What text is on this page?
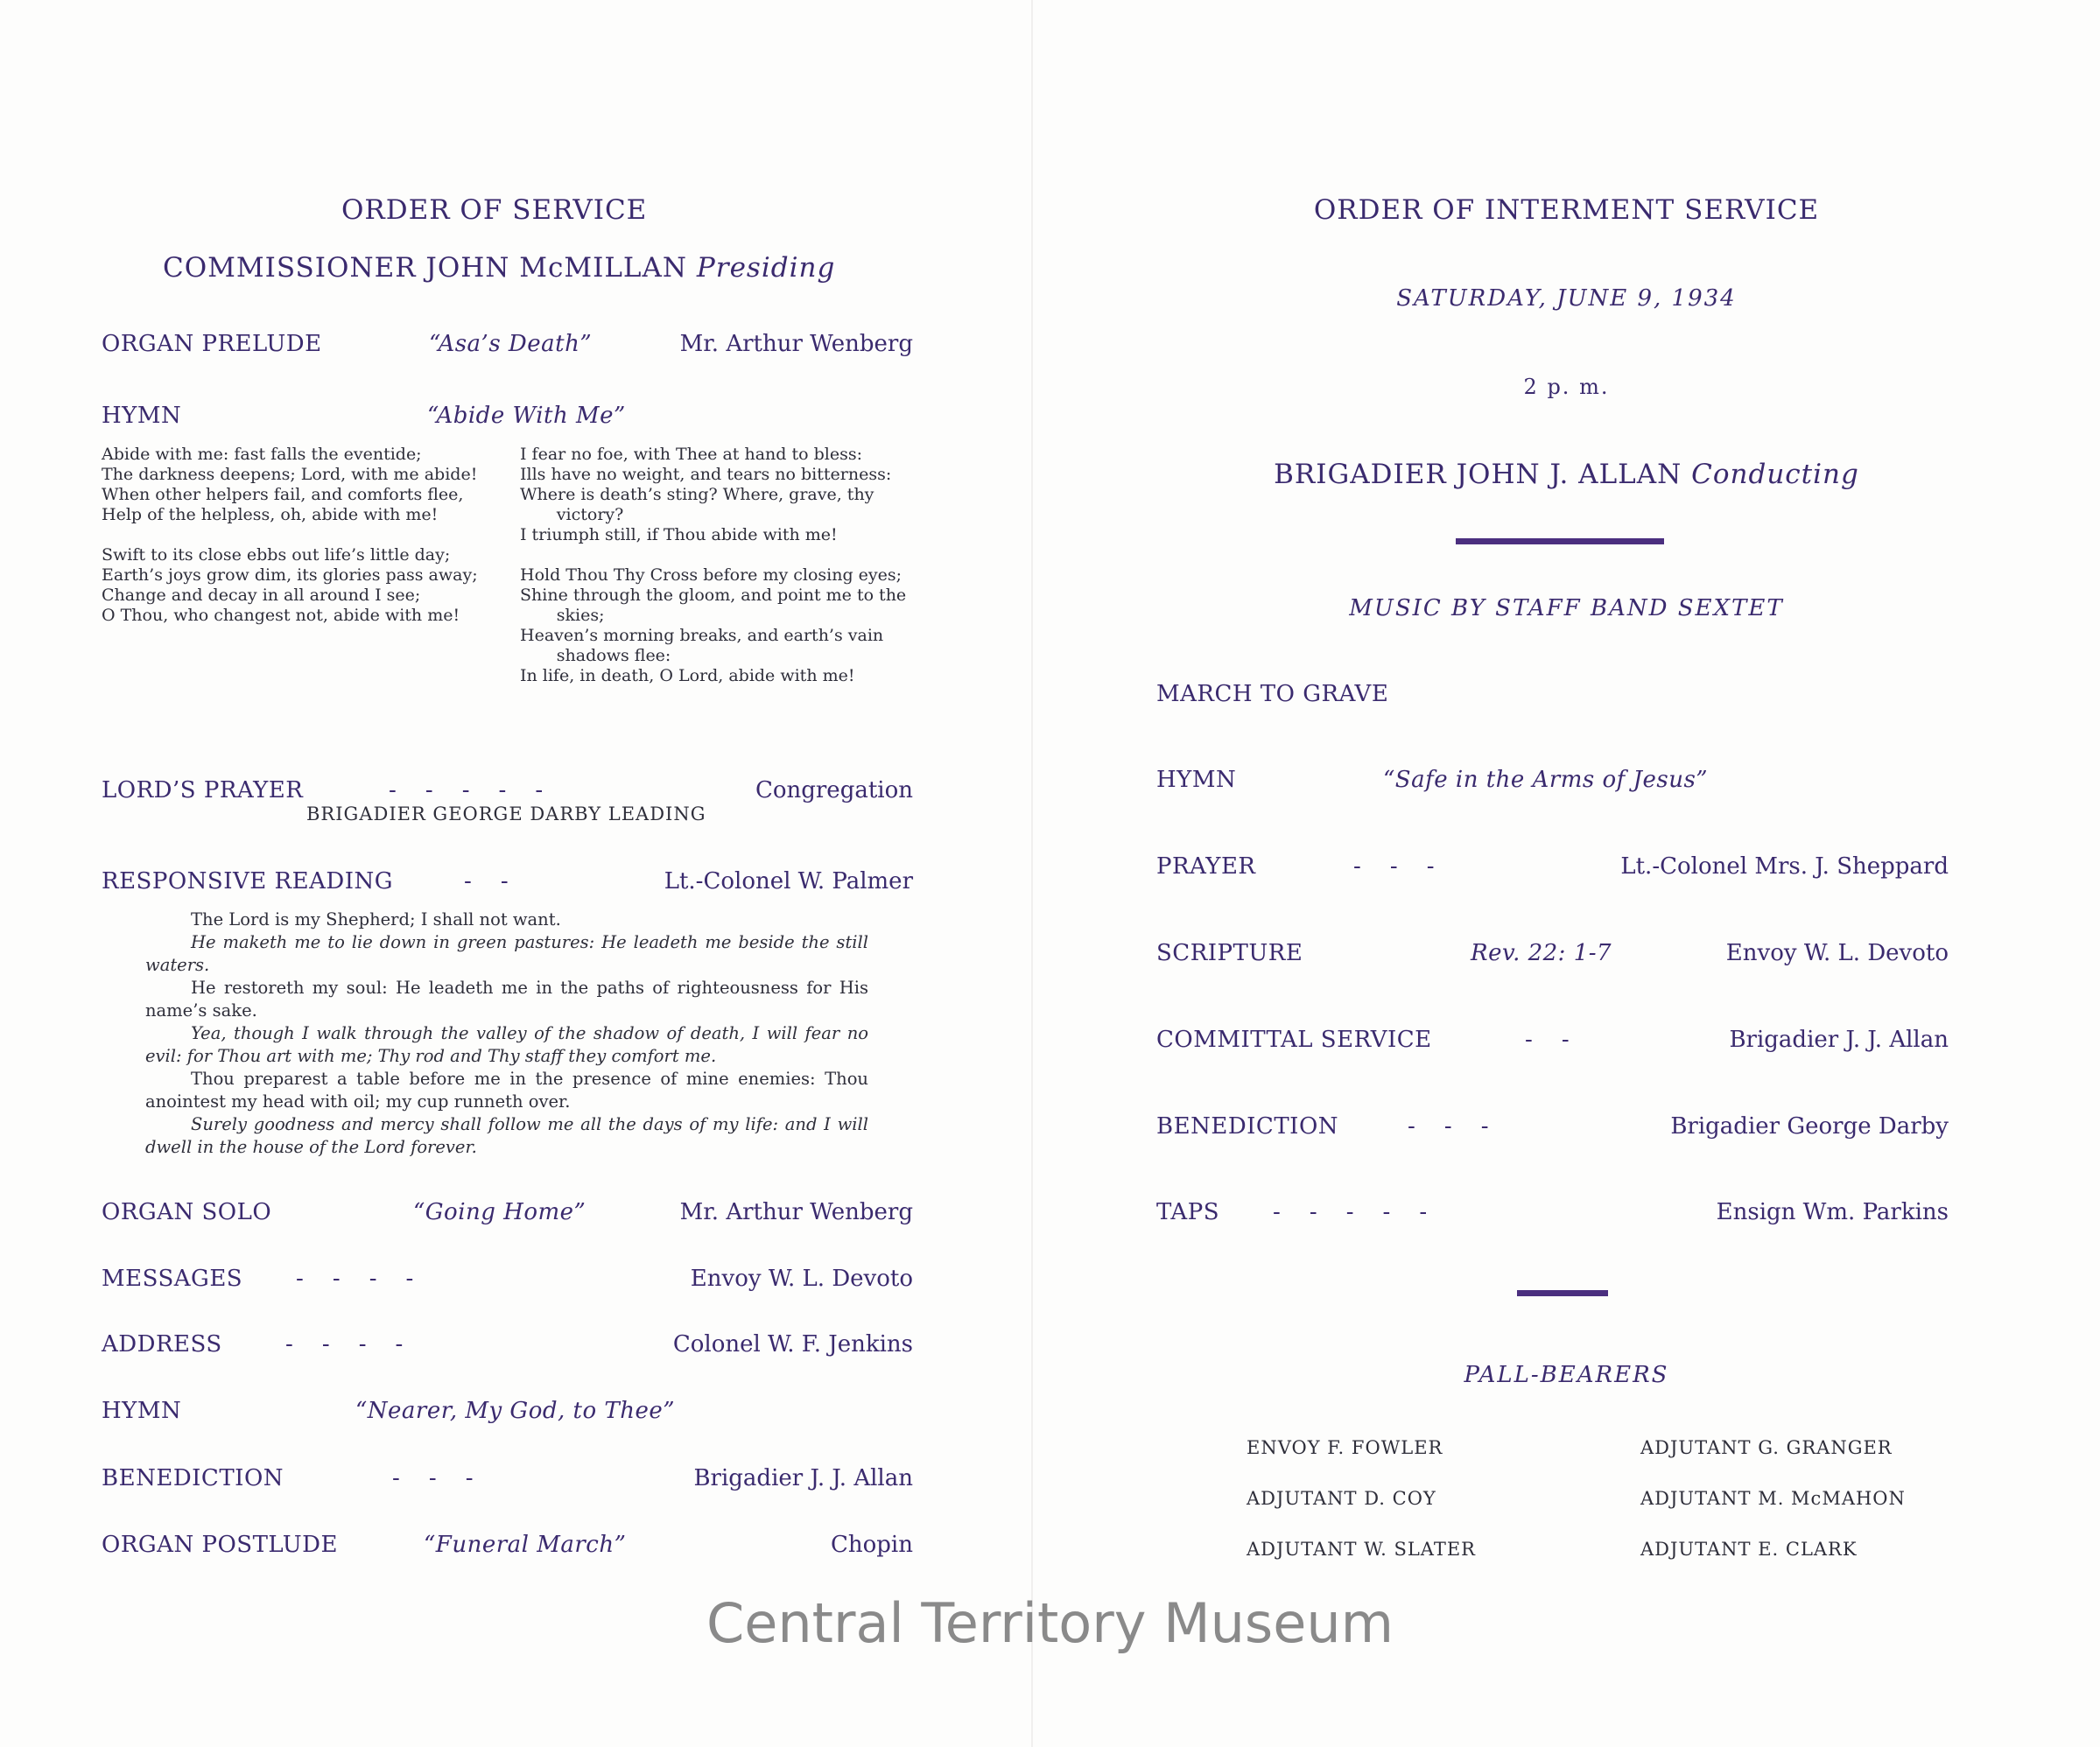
ORDER OF SERVICE
COMMISSIONER JOHN McMILLAN Presiding
ORGAN PRELUDE	“Asa’s Death”	Mr. Arthur Wenberg
HYMN	“Abide With Me”

Abide with me: fast falls the eventide;

The darkness deepens; Lord, with me abide!

When other helpers fail, and comforts flee,

Help of the helpless, oh, abide with me!

Swift to its close ebbs out life’s little day;

Earth’s joys grow dim, its glories pass away;

Change and decay in all around I see;

O Thou, who changest not, abide with me!

I fear no foe, with Thee at hand to bless:

Ills have no weight, and tears no bitterness:

Where is death’s sting? Where, grave, thy victory?

I triumph still, if Thou abide with me!

Hold Thou Thy Cross before my closing eyes;

Shine through the gloom, and point me to the skies;

Heaven’s morning breaks, and earth’s vain shadows flee:

In life, in death, O Lord, abide with me!

LORD’S PRAYER	-    -    -    -    -	Congregation
BRIGADIER GEORGE DARBY LEADING
RESPONSIVE READING	-    -	Lt.-Colonel W. Palmer

The Lord is my Shepherd; I shall not want.

He maketh me to lie down in green pastures: He leadeth me beside the still waters.

He restoreth my soul: He leadeth me in the paths of righteousness for His name’s sake.

Yea, though I walk through the valley of the shadow of death, I will fear no evil: for Thou art with me; Thy rod and Thy staff they comfort me.

Thou preparest a table before me in the presence of mine enemies: Thou anointest my head with oil; my cup runneth over.

Surely goodness and mercy shall follow me all the days of my life: and I will dwell in the house of the Lord forever.

ORGAN SOLO	“Going Home”	Mr. Arthur Wenberg
MESSAGES -    -    -    -	Envoy W. L. Devoto
ADDRESS	-    -    -    -	Colonel W. F. Jenkins
HYMN	“Nearer, My God, to Thee”
BENEDICTION	-    -    -	Brigadier J. J. Allan
ORGAN POSTLUDE	“Funeral March”	Chopin
ORDER OF INTERMENT SERVICE
SATURDAY, JUNE 9, 1934
2 p. m.
BRIGADIER JOHN J. ALLAN Conducting
MUSIC BY STAFF BAND SEXTET
MARCH TO GRAVE
HYMN	“Safe in the Arms of Jesus”
PRAYER	-    -    -	Lt.-Colonel Mrs. J. Sheppard
SCRIPTURE	Rev. 22: 1-7	Envoy W. L. Devoto
COMMITTAL SERVICE	-    -	Brigadier J. J. Allan
BENEDICTION	-    -    -	Brigadier George Darby
TAPS -    -    -    -    -	Ensign Wm. Parkins
PALL-BEARERS
ENVOY F. FOWLER	ADJUTANT G. GRANGER
ADJUTANT D. COY	ADJUTANT M. McMAHON
ADJUTANT W. SLATER	ADJUTANT E. CLARK
Central Territory Museum
